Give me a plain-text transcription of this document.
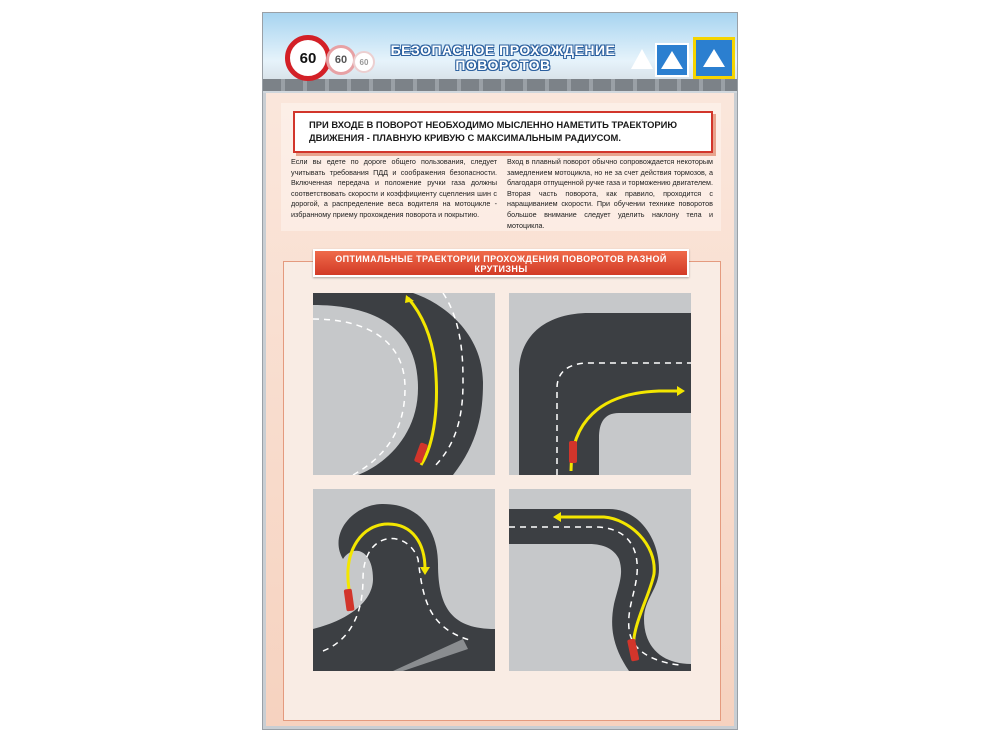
60	60	60
БЕЗОПАСНОЕ ПРОХОЖДЕНИЕ ПОВОРОТОВ
ПРИ ВХОДЕ В ПОВОРОТ НЕОБХОДИМО МЫСЛЕННО НАМЕТИТЬ ТРАЕКТОРИЮ ДВИЖЕНИЯ - ПЛАВНУЮ КРИВУЮ С МАКСИМАЛЬНЫМ РАДИУСОМ.
Если вы едете по дороге общего пользования, следует учитывать требования ПДД и соображения безопасности. Включенная передача и положение ручки газа должны соответствовать скорости и коэффициенту сцепления шин с дорогой, а распределение веса водителя на мотоцикле - избранному приему прохождения поворота и покрытию.
Вход в плавный поворот обычно сопровождается некоторым замедлением мотоцикла, но не за счет действия тормозов, а благодаря отпущенной ручке газа и торможению двигателем. Вторая часть поворота, как правило, проходится с наращиванием скорости. При обучении технике поворотов большое внимание следует уделить наклону тела и мотоцикла.
ОПТИМАЛЬНЫЕ ТРАЕКТОРИИ ПРОХОЖДЕНИЯ ПОВОРОТОВ РАЗНОЙ КРУТИЗНЫ
